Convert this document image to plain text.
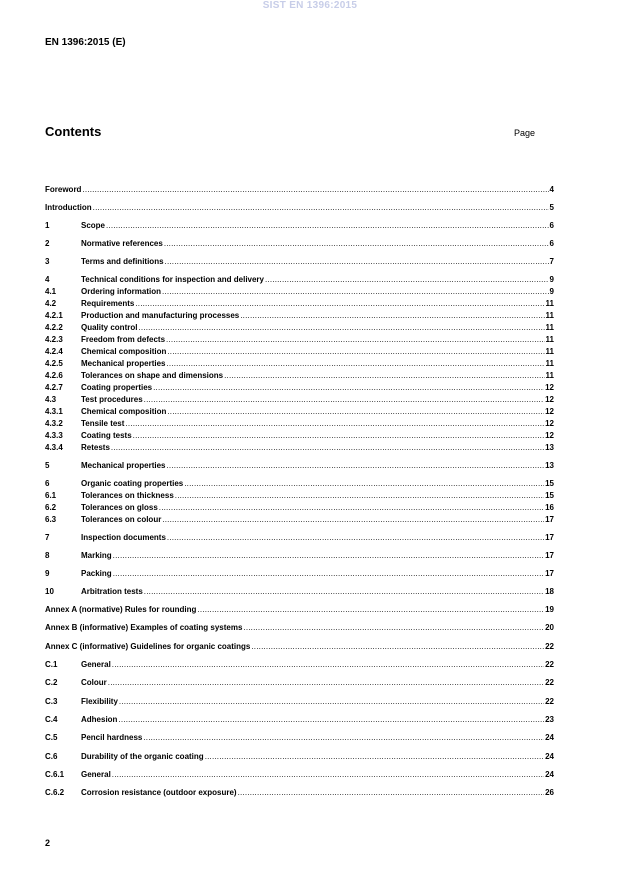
SIST EN 1396:2015
EN 1396:2015 (E)
Contents	Page
Foreword .....	4
Introduction .....	5
1	Scope .....	6
2	Normative references .....	6
3	Terms and definitions .....	7
4	Technical conditions for inspection and delivery .....	9
4.1	Ordering information .....	9
4.2	Requirements .....	11
4.2.1	Production and manufacturing processes .....	11
4.2.2	Quality control .....	11
4.2.3	Freedom from defects .....	11
4.2.4	Chemical composition .....	11
4.2.5	Mechanical properties .....	11
4.2.6	Tolerances on shape and dimensions .....	11
4.2.7	Coating properties .....	12
4.3	Test procedures .....	12
4.3.1	Chemical composition .....	12
4.3.2	Tensile test .....	12
4.3.3	Coating tests .....	12
4.3.4	Retests .....	13
5	Mechanical properties .....	13
6	Organic coating properties .....	15
6.1	Tolerances on thickness .....	15
6.2	Tolerances on gloss .....	16
6.3	Tolerances on colour .....	17
7	Inspection documents .....	17
8	Marking .....	17
9	Packing .....	17
10	Arbitration tests .....	18
Annex A (normative) Rules for rounding .....	19
Annex B (informative) Examples of coating systems .....	20
Annex C (informative) Guidelines for organic coatings .....	22
C.1	General .....	22
C.2	Colour .....	22
C.3	Flexibility .....	22
C.4	Adhesion .....	23
C.5	Pencil hardness .....	24
C.6	Durability of the organic coating .....	24
C.6.1	General .....	24
C.6.2	Corrosion resistance (outdoor exposure) .....	26
2
